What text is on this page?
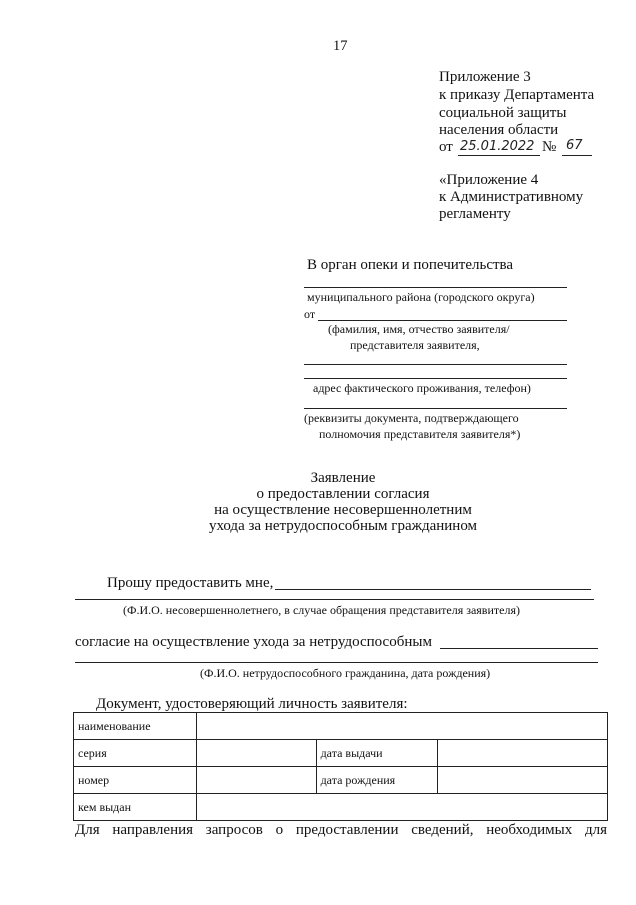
17
Приложение 3
к приказу Департамента
социальной защиты
населения области
от 25.01.2022 № 67
«Приложение 4
к Административному
регламенту
В орган опеки и попечительства
муниципального района (городского округа)
от
(фамилия, имя, отчество заявителя/
представителя заявителя,
адрес фактического проживания, телефон)
(реквизиты документа, подтверждающего
полномочия представителя заявителя*)
Заявление
о предоставлении согласия
на осуществление несовершеннолетним
ухода за нетрудоспособным гражданином
Прошу предоставить мне,
(Ф.И.О. несовершеннолетнего, в случае обращения представителя заявителя)
согласие на осуществление ухода за нетрудоспособным
(Ф.И.О. нетрудоспособного гражданина, дата рождения)
Документ, удостоверяющий личность заявителя:
наименование			
серия		дата выдачи	
номер		дата рождения	
кем выдан			
Для направления запросов о предоставлении сведений, необходимых для
